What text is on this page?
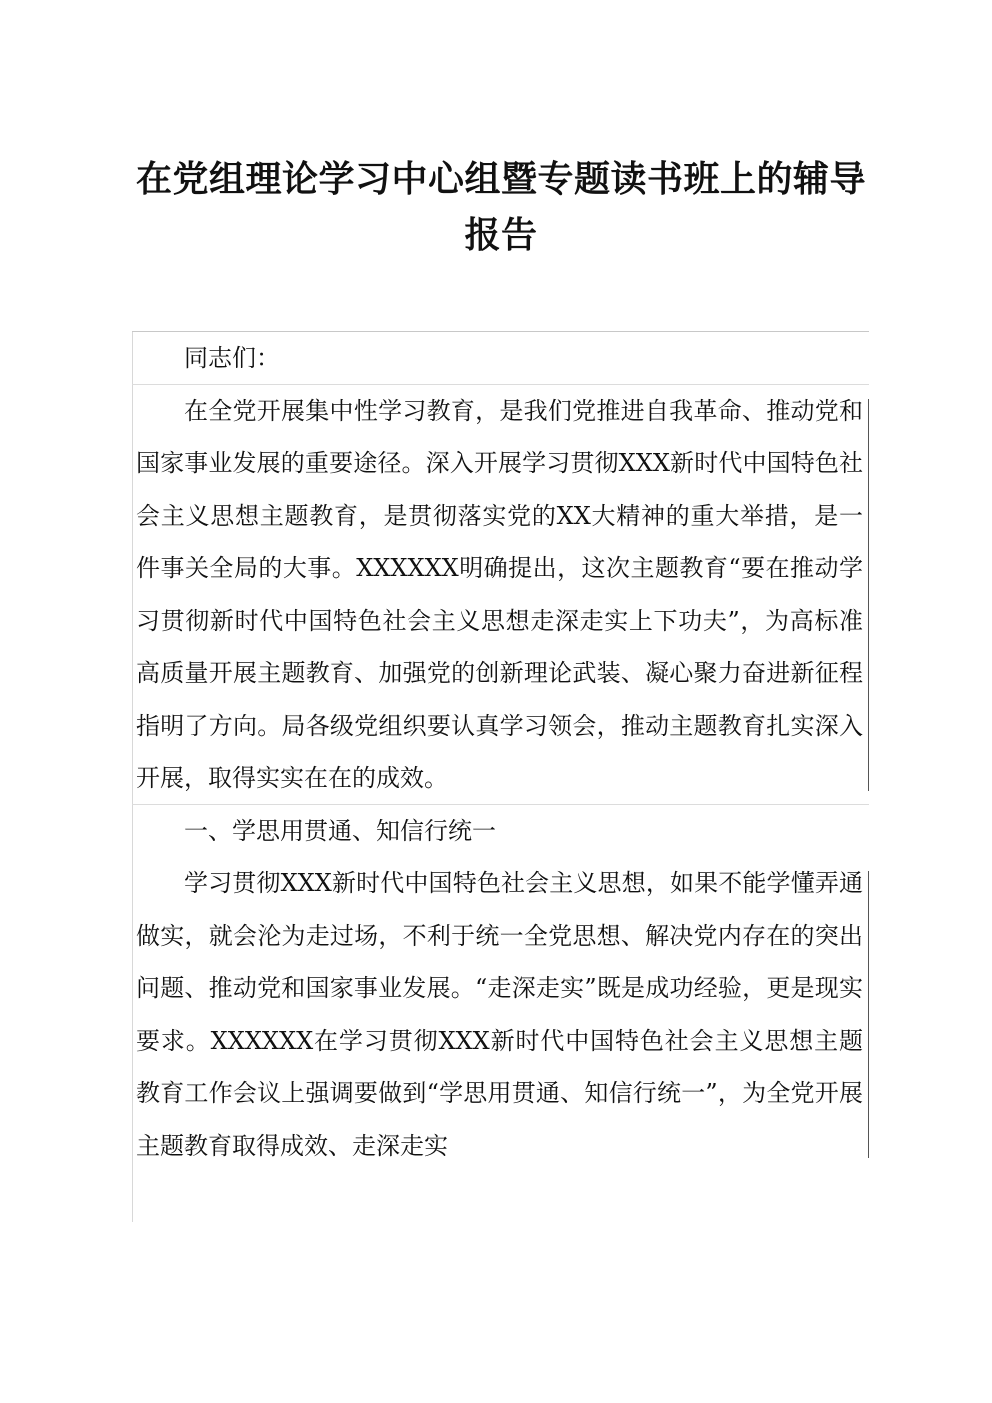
在党组理论学习中心组暨专题读书班上的辅导报告

同志们：

在全党开展集中性学习教育，是我们党推进自我革命、推动党和国家事业发展的重要途径。深入开展学习贯彻XXX新时代中国特色社会主义思想主题教育，是贯彻落实党的XX大精神的重大举措，是一件事关全局的大事。XXXXXX明确提出，这次主题教育“要在推动学习贯彻新时代中国特色社会主义思想走深走实上下功夫”，为高标准高质量开展主题教育、加强党的创新理论武装、凝心聚力奋进新征程指明了方向。局各级党组织要认真学习领会，推动主题教育扎实深入开展，取得实实在在的成效。

一、学思用贯通、知信行统一

学习贯彻XXX新时代中国特色社会主义思想，如果不能学懂弄通做实，就会沦为走过场，不利于统一全党思想、解决党内存在的突出问题、推动党和国家事业发展。“走深走实”既是成功经验，更是现实要求。XXXXXX在学习贯彻XXX新时代中国特色社会主义思想主题教育工作会议上强调要做到“学思用贯通、知信行统一”，为全党开展主题教育取得成效、走深走实
